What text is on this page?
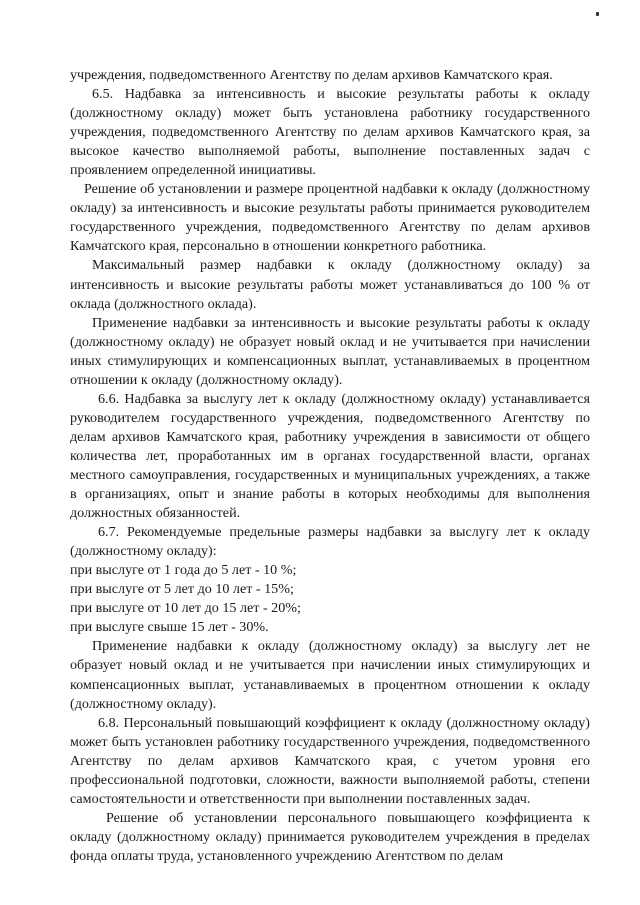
учреждения, подведомственного Агентству по делам архивов Камчатского края.

6.5. Надбавка за интенсивность и высокие результаты работы к окладу (должностному окладу) может быть установлена работнику государственного учреждения, подведомственного Агентству по делам архивов Камчатского края, за высокое качество выполняемой работы, выполнение поставленных задач с проявлением определенной инициативы.

Решение об установлении и размере процентной надбавки к окладу (должностному окладу) за интенсивность и высокие результаты работы принимается руководителем государственного учреждения, подведомственного Агентству по делам архивов Камчатского края, персонально в отношении конкретного работника.

Максимальный размер надбавки к окладу (должностному окладу) за интенсивность и высокие результаты работы может устанавливаться до 100 % от оклада (должностного оклада).

Применение надбавки за интенсивность и высокие результаты работы к окладу (должностному окладу) не образует новый оклад и не учитывается при начислении иных стимулирующих и компенсационных выплат, устанавливаемых в процентном отношении к окладу (должностному окладу).

6.6. Надбавка за выслугу лет к окладу (должностному окладу) устанавливается руководителем государственного учреждения, подведомственного Агентству по делам архивов Камчатского края, работнику учреждения в зависимости от общего количества лет, проработанных им в органах государственной власти, органах местного самоуправления, государственных и муниципальных учреждениях, а также в организациях, опыт и знание работы в которых необходимы для выполнения должностных обязанностей.

6.7. Рекомендуемые предельные размеры надбавки за выслугу лет к окладу (должностному окладу):

при выслуге от 1 года до 5 лет - 10 %;

при выслуге от 5 лет до 10 лет - 15%;

при выслуге от 10 лет до 15 лет - 20%;

при выслуге свыше 15 лет - 30%.

Применение надбавки к окладу (должностному окладу) за выслугу лет не образует новый оклад и не учитывается при начислении иных стимулирующих и компенсационных выплат, устанавливаемых в процентном отношении к окладу (должностному окладу).

6.8. Персональный повышающий коэффициент к окладу (должностному окладу) может быть установлен работнику государственного учреждения, подведомственного Агентству по делам архивов Камчатского края, с учетом уровня его профессиональной подготовки, сложности, важности выполняемой работы, степени самостоятельности и ответственности при выполнении поставленных задач.

Решение об установлении персонального повышающего коэффициента к окладу (должностному окладу) принимается руководителем учреждения в пределах фонда оплаты труда, установленного учреждению Агентством по делам
